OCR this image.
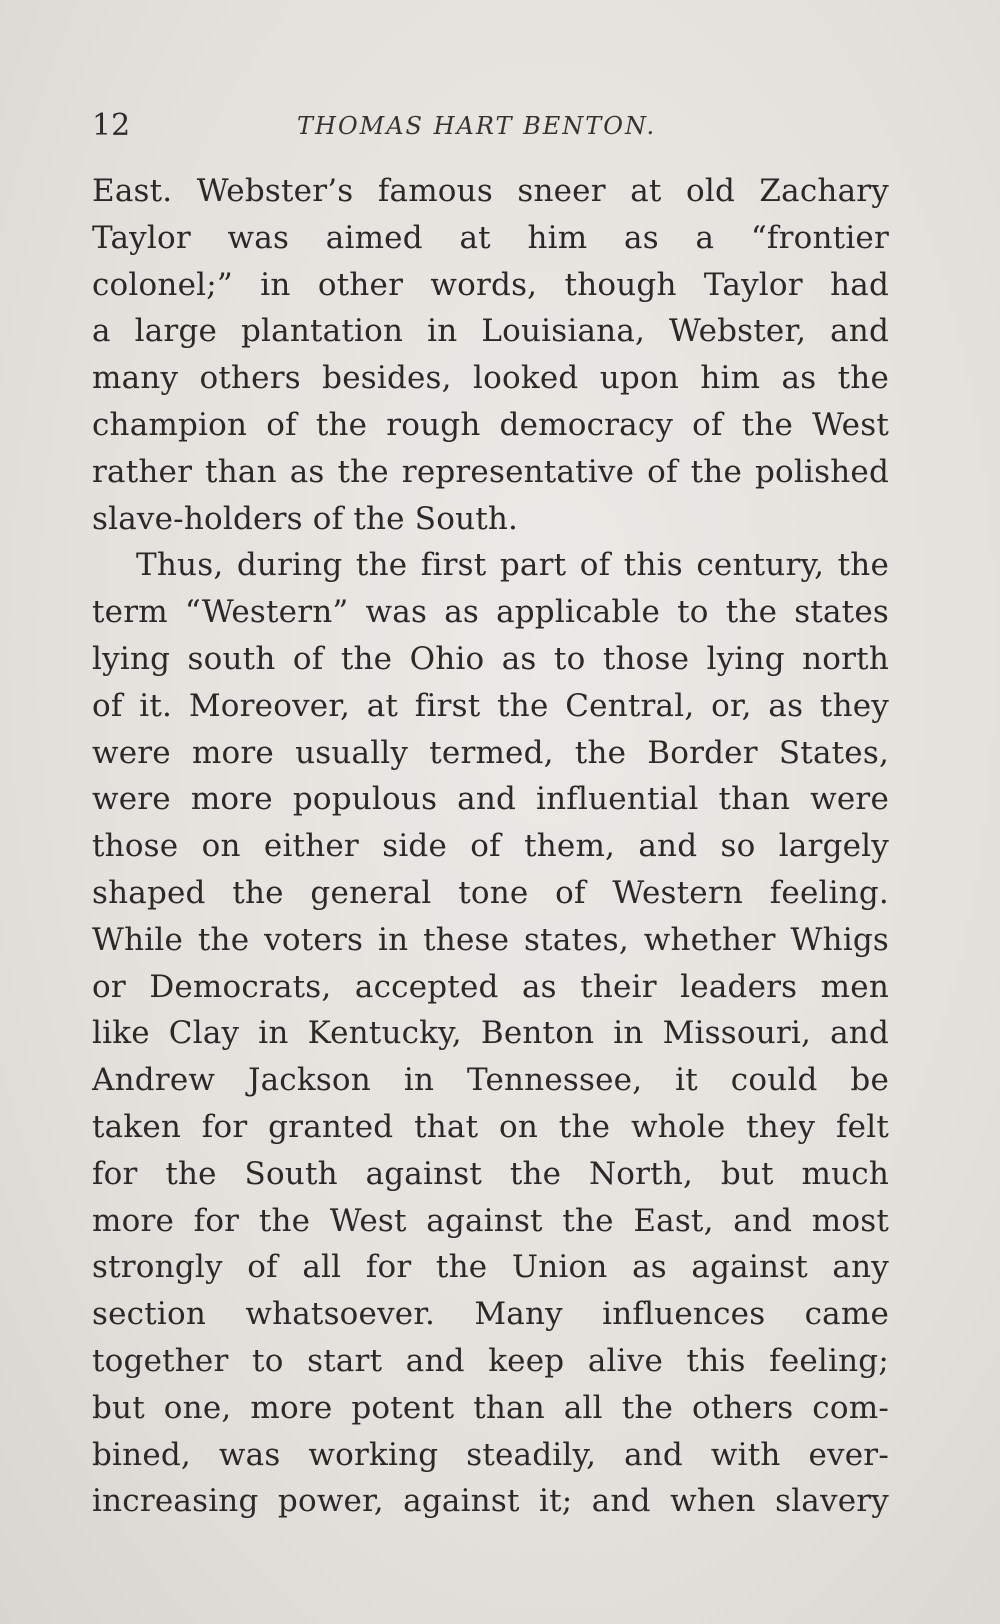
12	THOMAS HART BENTON.
East. Webster’s famous sneer at old Zachary
Taylor was aimed at him as a “frontier
colonel;” in other words, though Taylor had
a large plantation in Louisiana, Webster, and
many others besides, looked upon him as the
champion of the rough democracy of the West
rather than as the representative of the polished
slave-holders of the South.
Thus, during the first part of this century, the
term “Western” was as applicable to the states
lying south of the Ohio as to those lying north
of it. Moreover, at first the Central, or, as they
were more usually termed, the Border States,
were more populous and influential than were
those on either side of them, and so largely
shaped the general tone of Western feeling.
While the voters in these states, whether Whigs
or Democrats, accepted as their leaders men
like Clay in Kentucky, Benton in Missouri, and
Andrew Jackson in Tennessee, it could be
taken for granted that on the whole they felt
for the South against the North, but much
more for the West against the East, and most
strongly of all for the Union as against any
section whatsoever. Many influences came
together to start and keep alive this feeling;
but one, more potent than all the others com-
bined, was working steadily, and with ever-
increasing power, against it; and when slavery
